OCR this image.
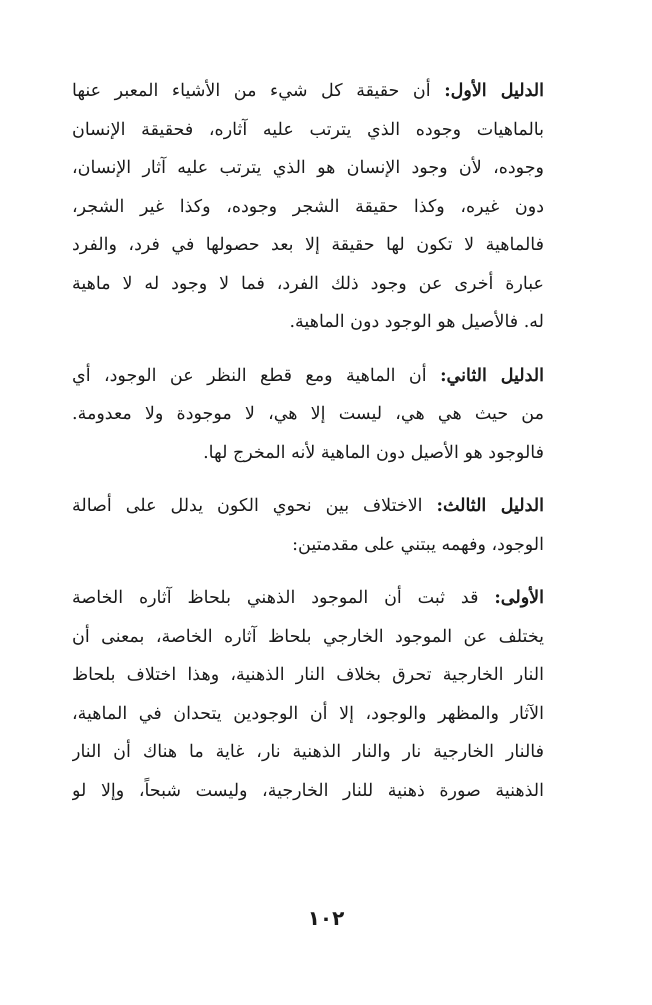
الدليل الأول: أن حقيقة كل شيء من الأشياء المعبر عنها
بالماهيات وجوده الذي يترتب عليه آثاره، فحقيقة الإنسان
وجوده، لأن وجود الإنسان هو الذي يترتب عليه آثار الإنسان،
دون غيره، وكذا حقيقة الشجر وجوده، وكذا غير الشجر،
فالماهية لا تكون لها حقيقة إلا بعد حصولها في فرد، والفرد
عبارة أخرى عن وجود ذلك الفرد، فما لا وجود له لا ماهية
له. فالأصيل هو الوجود دون الماهية.

الدليل الثاني: أن الماهية ومع قطع النظر عن الوجود، أي
من حيث هي هي، ليست إلا هي، لا موجودة ولا معدومة.
فالوجود هو الأصيل دون الماهية لأنه المخرج لها.

الدليل الثالث: الاختلاف بين نحوي الكون يدلل على أصالة
الوجود، وفهمه يبتني على مقدمتين:

الأولى: قد ثبت أن الموجود الذهني بلحاظ آثاره الخاصة
يختلف عن الموجود الخارجي بلحاظ آثاره الخاصة، بمعنى أن
النار الخارجية تحرق بخلاف النار الذهنية، وهذا اختلاف بلحاظ
الآثار والمظهر والوجود، إلا أن الوجودين يتحدان في الماهية،
فالنار الخارجية نار والنار الذهنية نار، غاية ما هناك أن النار
الذهنية صورة ذهنية للنار الخارجية، وليست شبحاً، وإلا لو

١٠٢
